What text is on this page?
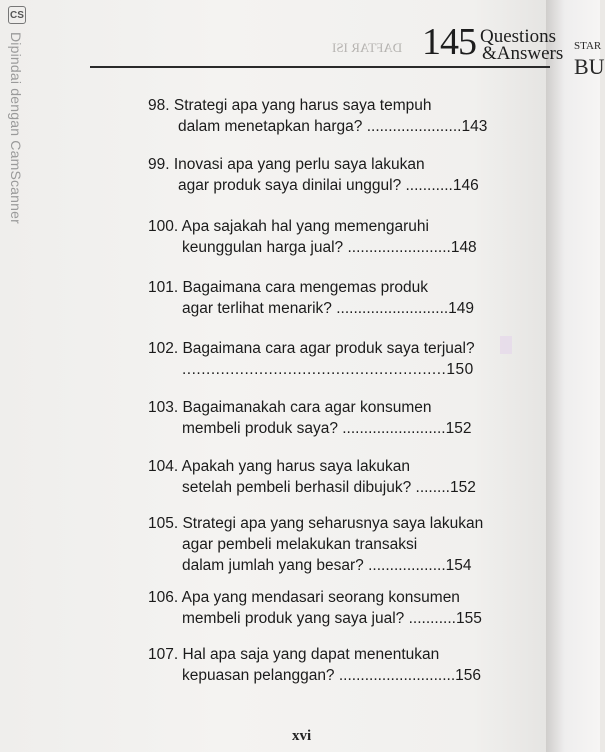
CS
Dipindai dengan CamScanner	DAFTAR ISI 145 Questions
&Answers STAR
BU
98. Strategi apa yang harus saya tempuh
dalam menetapkan harga? ......................143
99. Inovasi apa yang perlu saya lakukan
agar produk saya dinilai unggul? ...........146
100. Apa sajakah hal yang memengaruhi
keunggulan harga jual? ........................148
101. Bagaimana cara mengemas produk
agar terlihat menarik? ..........................149
102. Bagaimana cara agar produk saya terjual?
.......................................................150
103. Bagaimanakah cara agar konsumen
membeli produk saya? ........................152
104. Apakah yang harus saya lakukan
setelah pembeli berhasil dibujuk? ........152
105. Strategi apa yang seharusnya saya lakukan
agar pembeli melakukan transaksi
dalam jumlah yang besar? ..................154
106. Apa yang mendasari seorang konsumen
membeli produk yang saya jual? ...........155
107. Hal apa saja yang dapat menentukan
kepuasan pelanggan? ...........................156
xvi
